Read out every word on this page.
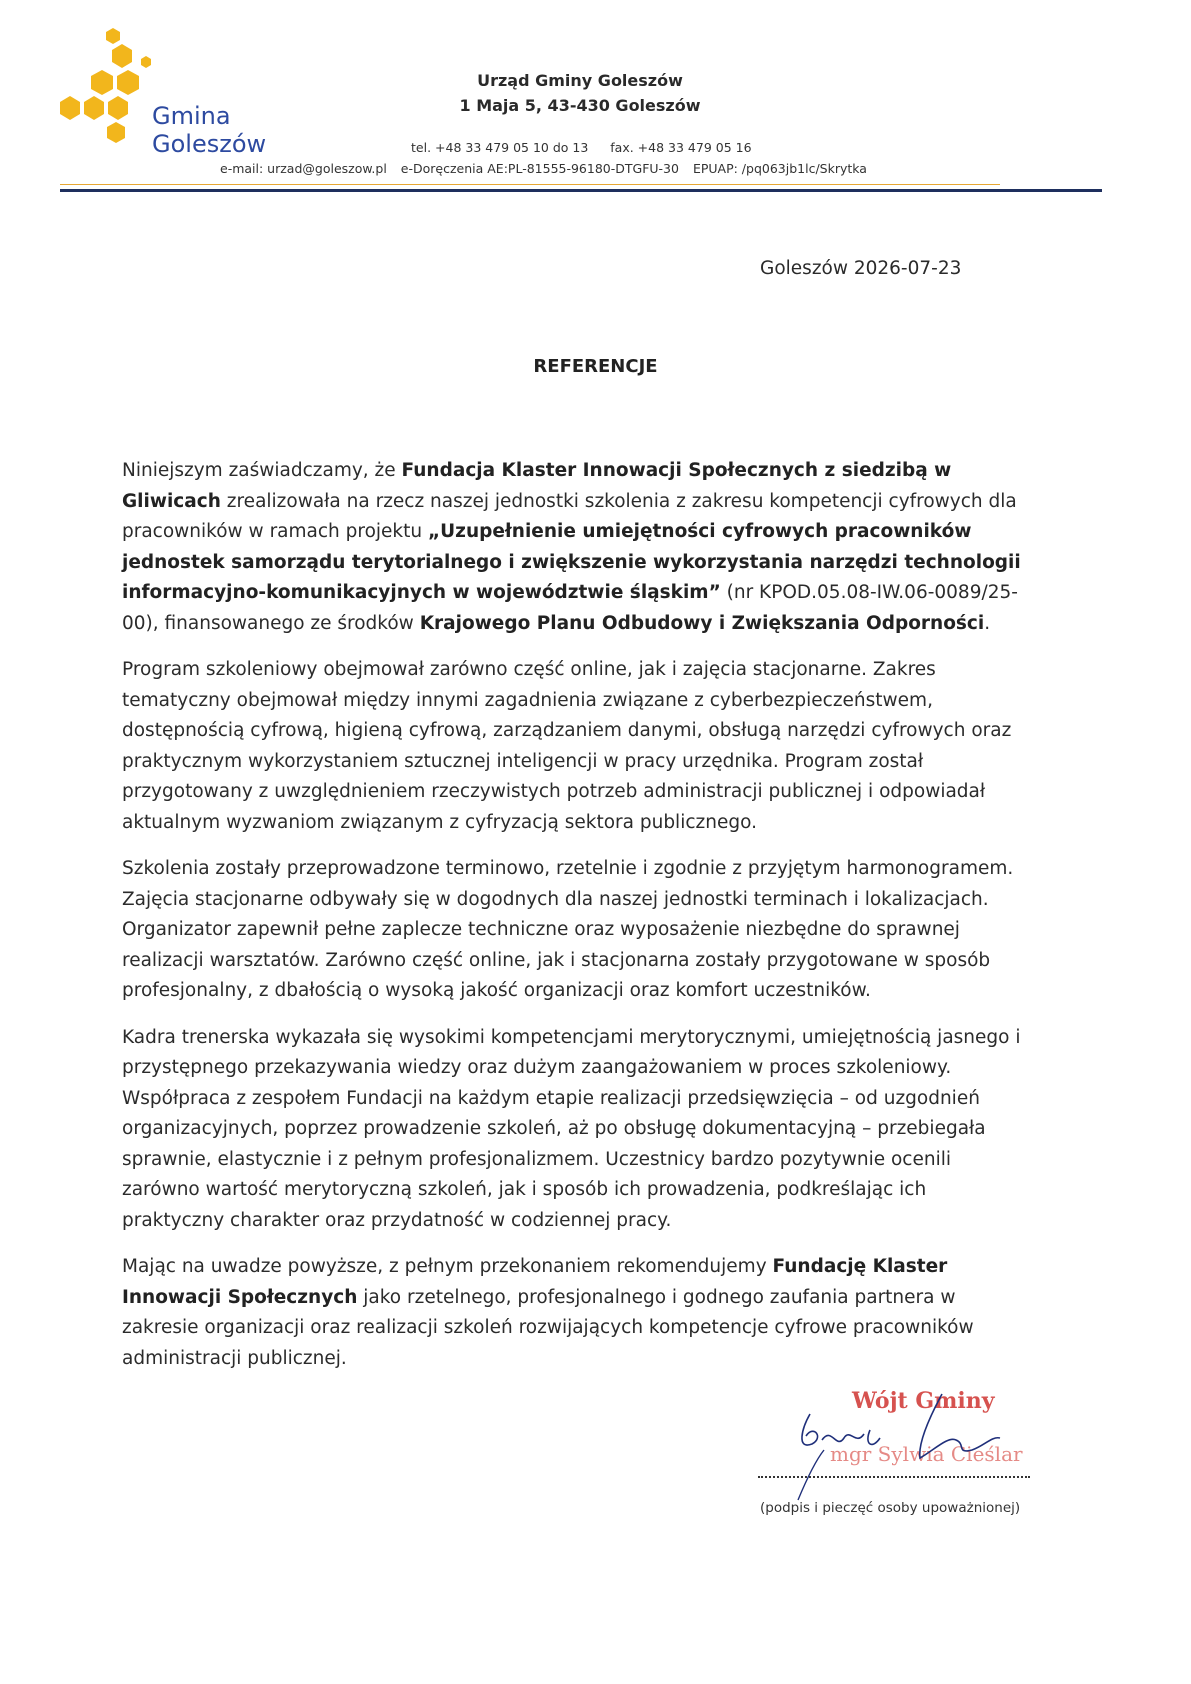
Gmina
Goleszów
Urząd Gminy Goleszów
1 Maja 5, 43-430 Goleszów
tel. +48 33 479 05 10 do 13 fax. +48 33 479 05 16
e-mail: urzad@goleszow.pl e-Doręczenia AE:PL-81555-96180-DTGFU-30 EPUAP: /pq063jb1lc/Skrytka
Goleszów 2026-07-23
REFERENCJE

Niniejszym zaświadczamy, że Fundacja Klaster Innowacji Społecznych z siedzibą w Gliwicach zrealizowała na rzecz naszej jednostki szkolenia z zakresu kompetencji cyfrowych dla pracowników w ramach projektu „Uzupełnienie umiejętności cyfrowych pracowników jednostek samorządu terytorialnego i zwiększenie wykorzystania narzędzi technologii informacyjno-komunikacyjnych w województwie śląskim” (nr KPOD.05.08-IW.06-0089/25-00), finansowanego ze środków Krajowego Planu Odbudowy i Zwiększania Odporności.

Program szkoleniowy obejmował zarówno część online, jak i zajęcia stacjonarne. Zakres tematyczny obejmował między innymi zagadnienia związane z cyberbezpieczeństwem, dostępnością cyfrową, higieną cyfrową, zarządzaniem danymi, obsługą narzędzi cyfrowych oraz praktycznym wykorzystaniem sztucznej inteligencji w pracy urzędnika. Program został przygotowany z uwzględnieniem rzeczywistych potrzeb administracji publicznej i odpowiadał aktualnym wyzwaniom związanym z cyfryzacją sektora publicznego.

Szkolenia zostały przeprowadzone terminowo, rzetelnie i zgodnie z przyjętym harmonogramem. Zajęcia stacjonarne odbywały się w dogodnych dla naszej jednostki terminach i lokalizacjach. Organizator zapewnił pełne zaplecze techniczne oraz wyposażenie niezbędne do sprawnej realizacji warsztatów. Zarówno część online, jak i stacjonarna zostały przygotowane w sposób profesjonalny, z dbałością o wysoką jakość organizacji oraz komfort uczestników.

Kadra trenerska wykazała się wysokimi kompetencjami merytorycznymi, umiejętnością jasnego i przystępnego przekazywania wiedzy oraz dużym zaangażowaniem w proces szkoleniowy. Współpraca z zespołem Fundacji na każdym etapie realizacji przedsięwzięcia – od uzgodnień organizacyjnych, poprzez prowadzenie szkoleń, aż po obsługę dokumentacyjną – przebiegała sprawnie, elastycznie i z pełnym profesjonalizmem. Uczestnicy bardzo pozytywnie ocenili zarówno wartość merytoryczną szkoleń, jak i sposób ich prowadzenia, podkreślając ich praktyczny charakter oraz przydatność w codziennej pracy.

Mając na uwadze powyższe, z pełnym przekonaniem rekomendujemy Fundację Klaster Innowacji Społecznych jako rzetelnego, profesjonalnego i godnego zaufania partnera w zakresie organizacji oraz realizacji szkoleń rozwijających kompetencje cyfrowe pracowników administracji publicznej.

Wójt Gminy
mgr Sylwia Cieślar
(podpis i pieczęć osoby upoważnionej)
